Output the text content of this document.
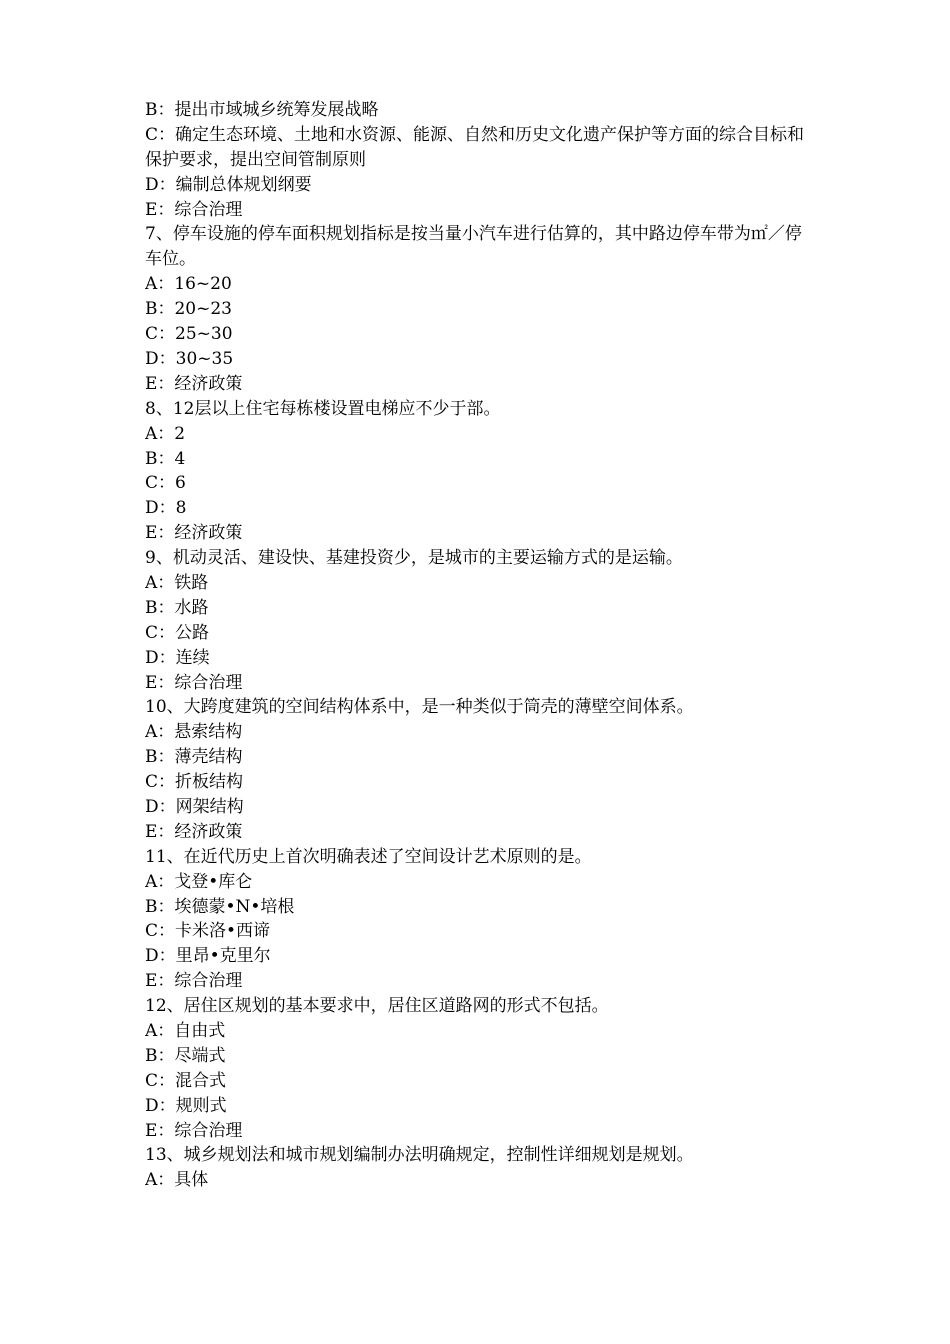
B：提出市域城乡统筹发展战略
C：确定生态环境、土地和水资源、能源、自然和历史文化遗产保护等方面的综合目标和保护要求，提出空间管制原则
D：编制总体规划纲要
E：综合治理
7、停车设施的停车面积规划指标是按当量小汽车进行估算的，其中路边停车带为㎡／停车位。
A：16~20
B：20~23
C：25~30
D：30~35
E：经济政策
8、12层以上住宅每栋楼设置电梯应不少于部。
A：2
B：4
C：6
D：8
E：经济政策
9、机动灵活、建设快、基建投资少，是城市的主要运输方式的是运输。
A：铁路
B：水路
C：公路
D：连续
E：综合治理
10、大跨度建筑的空间结构体系中，是一种类似于筒壳的薄壁空间体系。
A：悬索结构
B：薄壳结构
C：折板结构
D：网架结构
E：经济政策
11、在近代历史上首次明确表述了空间设计艺术原则的是。
A：戈登•库仑
B：埃德蒙•N•培根
C：卡米洛•西谛
D：里昂•克里尔
E：综合治理
12、居住区规划的基本要求中，居住区道路网的形式不包括。
A：自由式
B：尽端式
C：混合式
D：规则式
E：综合治理
13、城乡规划法和城市规划编制办法明确规定，控制性详细规划是规划。
A：具体
